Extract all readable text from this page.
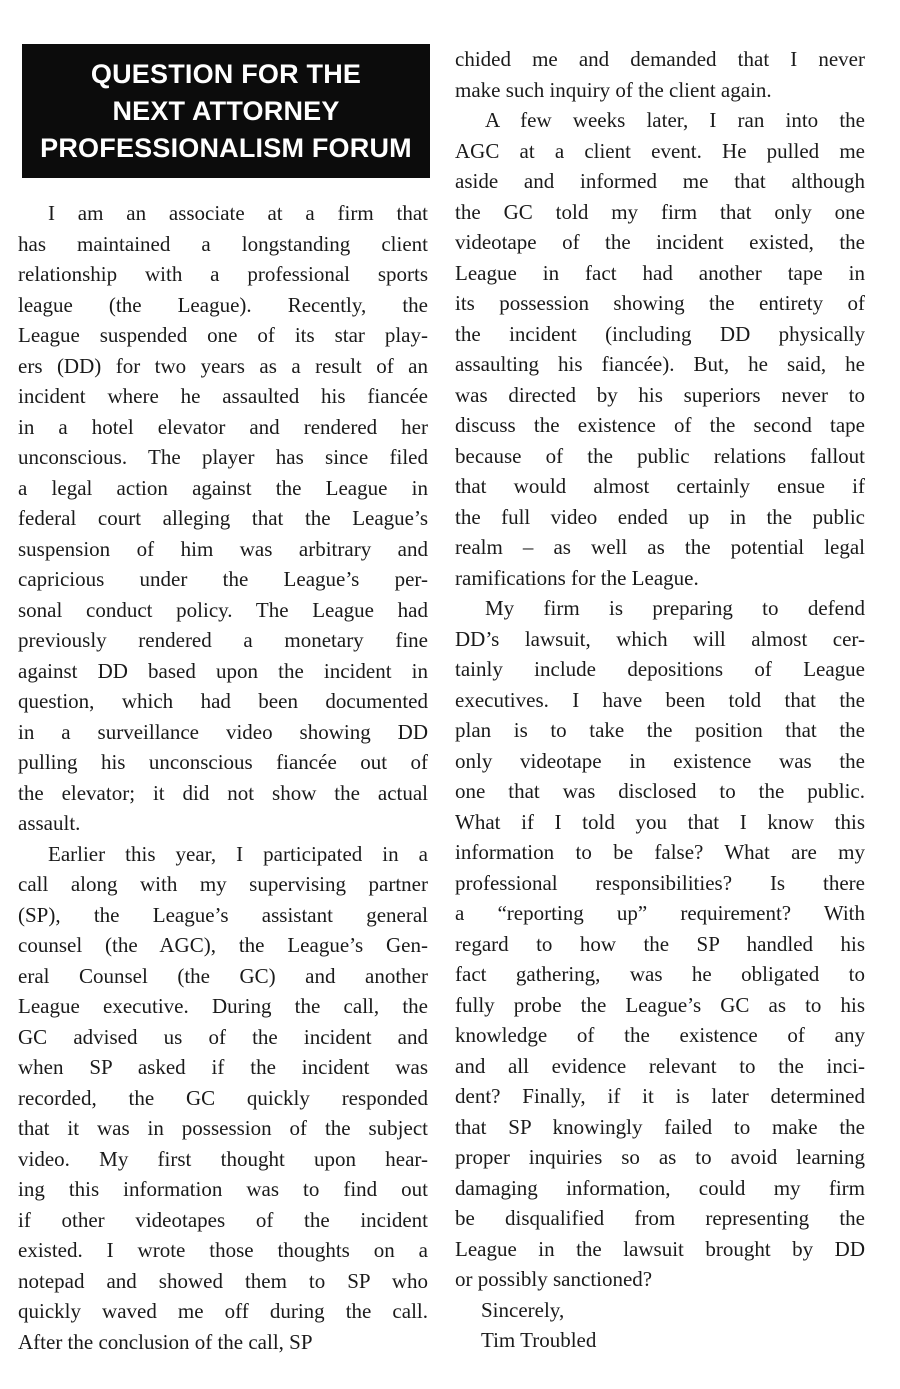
QUESTION FOR THE
NEXT ATTORNEY
PROFESSIONALISM FORUM
I am an associate at a firm that
has maintained a longstanding client
relationship with a professional sports
league (the League). Recently, the
League suspended one of its star play-
ers (DD) for two years as a result of an
incident where he assaulted his fiancée
in a hotel elevator and rendered her
unconscious. The player has since filed
a legal action against the League in
federal court alleging that the League’s
suspension of him was arbitrary and
capricious under the League’s per-
sonal conduct policy. The League had
previously rendered a monetary fine
against DD based upon the incident in
question, which had been documented
in a surveillance video showing DD
pulling his unconscious fiancée out of
the elevator; it did not show the actual
assault.
Earlier this year, I participated in a
call along with my supervising partner
(SP), the League’s assistant general
counsel (the AGC), the League’s Gen-
eral Counsel (the GC) and another
League executive. During the call, the
GC advised us of the incident and
when SP asked if the incident was
recorded, the GC quickly responded
that it was in possession of the subject
video. My first thought upon hear-
ing this information was to find out
if other videotapes of the incident
existed. I wrote those thoughts on a
notepad and showed them to SP who
quickly waved me off during the call.
After the conclusion of the call, SP
chided me and demanded that I never
make such inquiry of the client again.
A few weeks later, I ran into the
AGC at a client event. He pulled me
aside and informed me that although
the GC told my firm that only one
videotape of the incident existed, the
League in fact had another tape in
its possession showing the entirety of
the incident (including DD physically
assaulting his fiancée). But, he said, he
was directed by his superiors never to
discuss the existence of the second tape
because of the public relations fallout
that would almost certainly ensue if
the full video ended up in the public
realm – as well as the potential legal
ramifications for the League.
My firm is preparing to defend
DD’s lawsuit, which will almost cer-
tainly include depositions of League
executives. I have been told that the
plan is to take the position that the
only videotape in existence was the
one that was disclosed to the public.
What if I told you that I know this
information to be false? What are my
professional responsibilities? Is there
a “reporting up” requirement? With
regard to how the SP handled his
fact gathering, was he obligated to
fully probe the League’s GC as to his
knowledge of the existence of any
and all evidence relevant to the inci-
dent? Finally, if it is later determined
that SP knowingly failed to make the
proper inquiries so as to avoid learning
damaging information, could my firm
be disqualified from representing the
League in the lawsuit brought by DD
or possibly sanctioned?
Sincerely,
Tim Troubled
